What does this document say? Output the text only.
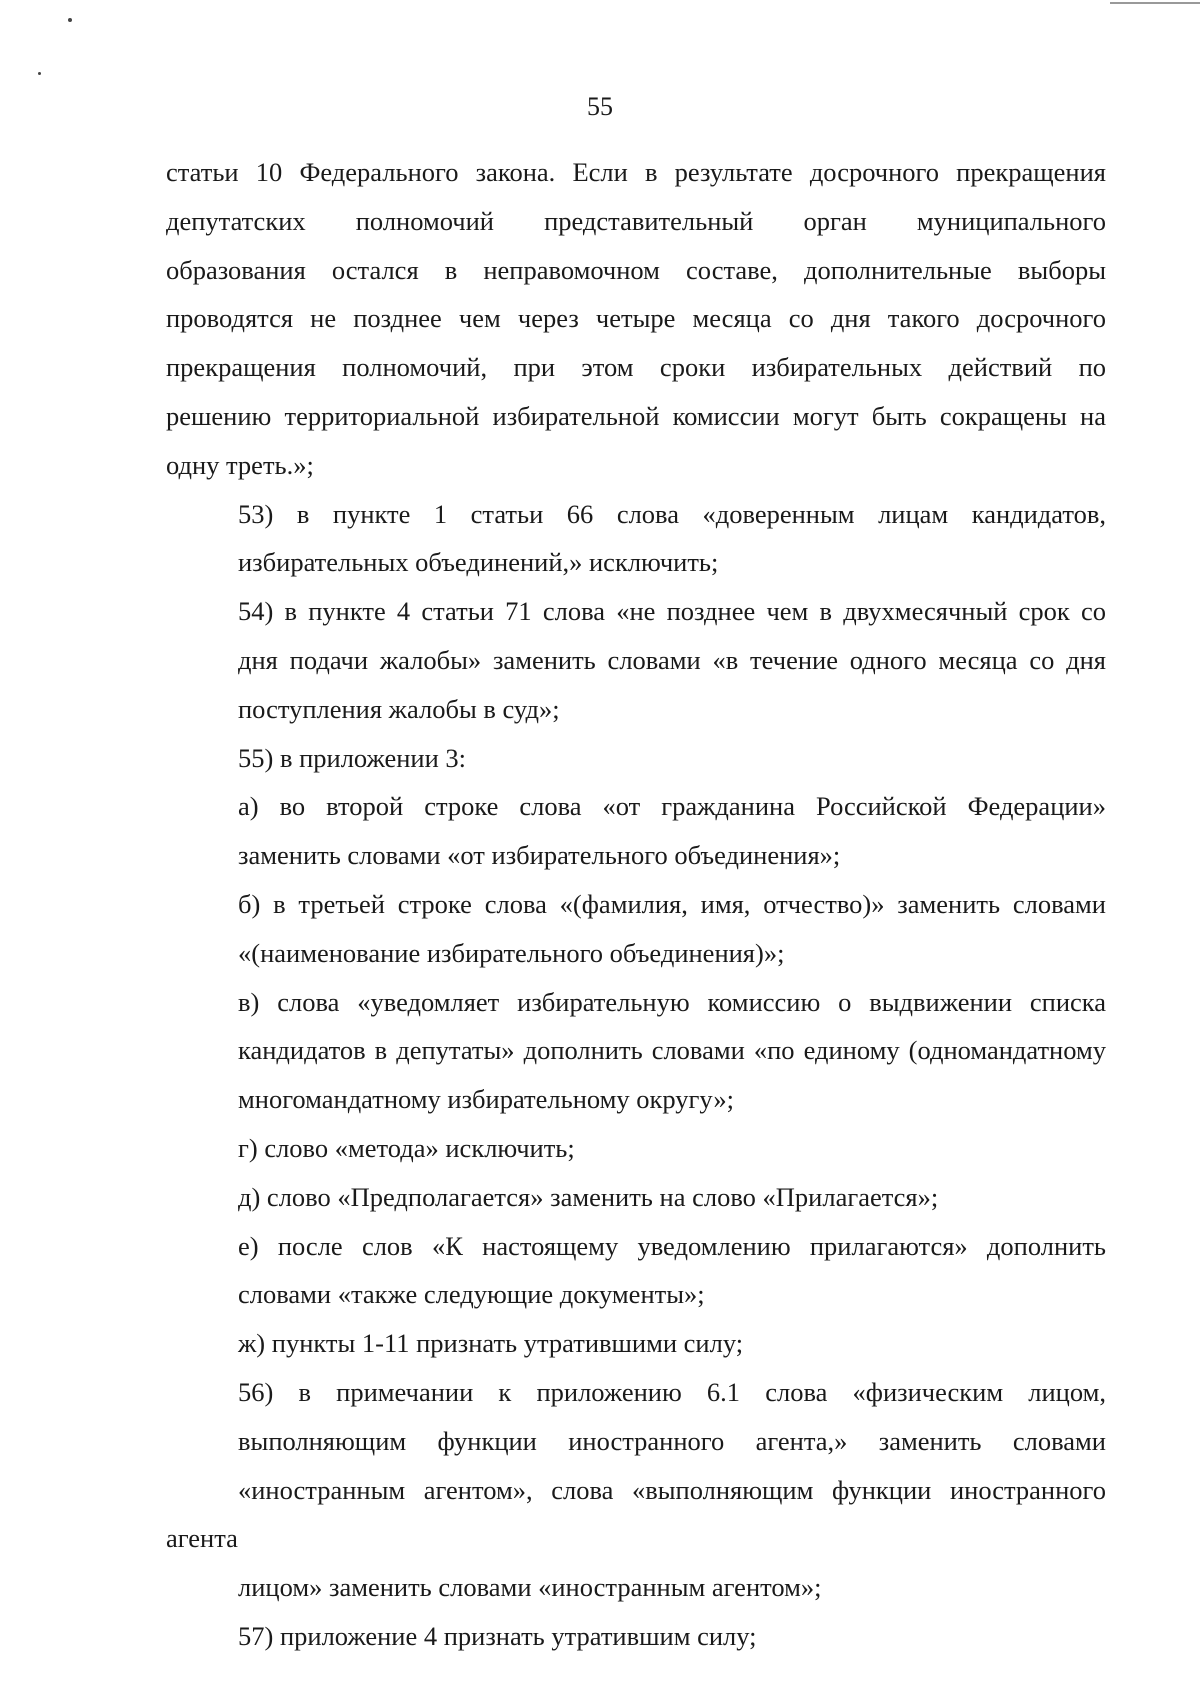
55
статьи 10 Федерального закона. Если в результате досрочного прекращения
депутатских полномочий представительный орган муниципального
образования остался в неправомочном составе, дополнительные выборы
проводятся не позднее чем через четыре месяца со дня такого досрочного
прекращения полномочий, при этом сроки избирательных действий по
решению территориальной избирательной комиссии могут быть сокращены на
одну треть.»;
53) в пункте 1 статьи 66 слова «доверенным лицам кандидатов,
избирательных объединений,» исключить;
54) в пункте 4 статьи 71 слова «не позднее чем в двухмесячный срок со
дня подачи жалобы» заменить словами «в течение одного месяца со дня
поступления жалобы в суд»;
55) в приложении 3:
а) во второй строке слова «от гражданина Российской Федерации»
заменить словами «от избирательного объединения»;
б) в третьей строке слова «(фамилия, имя, отчество)» заменить словами
«(наименование избирательного объединения)»;
в) слова «уведомляет избирательную комиссию о выдвижении списка
кандидатов в депутаты» дополнить словами «по единому (одномандатному
многомандатному избирательному округу»;
г) слово «метода» исключить;
д) слово «Предполагается» заменить на слово «Прилагается»;
е) после слов «К настоящему уведомлению прилагаются» дополнить
словами «также следующие документы»;
ж) пункты 1-11 признать утратившими силу;
56) в примечании к приложению 6.1 слова «физическим лицом,
выполняющим функции иностранного агента,» заменить словами
«иностранным агентом», слова «выполняющим функции иностранного агента
лицом» заменить словами «иностранным агентом»;
57) приложение 4 признать утратившим силу;
